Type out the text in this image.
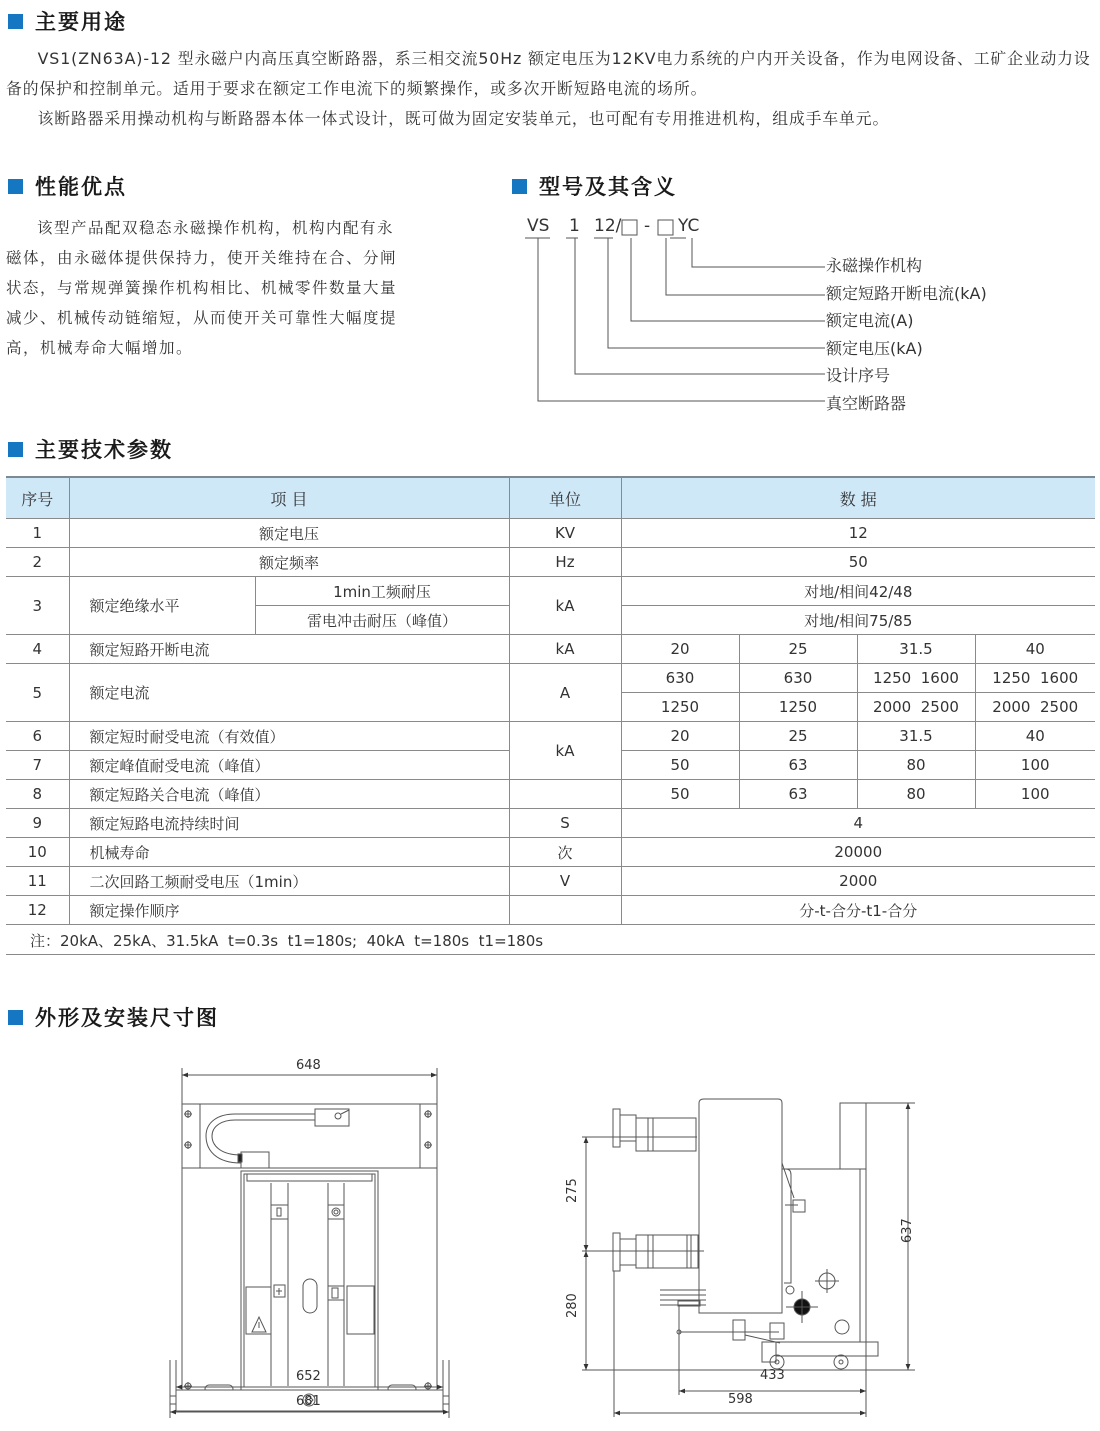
主要用途

VS1(ZN63A)-12 型永磁户内高压真空断路器，系三相交流50Hz 额定电压为12KV电力系统的户内开关设备，作为电网设备、工矿企业动力设备的保护和控制单元。适用于要求在额定工作电流下的频繁操作，或多次开断短路电流的场所。

该断路器采用操动机构与断路器本体一体式设计，既可做为固定安装单元，也可配有专用推进机构，组成手车单元。

性能优点

该型产品配双稳态永磁操作机构，机构内配有永磁体，由永磁体提供保持力，使开关维持在合、分闸状态，与常规弹簧操作机构相比、机械零件数量大量减少、机械传动链缩短，从而使开关可靠性大幅度提高，机械寿命大幅增加。

型号及其含义
VS 1 12/ - YC
永磁操作机构
额定短路开断电流(kA)
额定电流(A)
额定电压(kA)
设计序号
真空断路器
主要技术参数
序号	项 目		单位	数 据			
1	额定电压		KV	12			
2	额定频率		Hz	50			
3	额定绝缘水平	1min工频耐压	kA	对地/相间42/48			
		雷电冲击耐压（峰值）		对地/相间75/85			
4	额定短路开断电流		kA	20	25	31.5	40
5	额定电流		A	630	630	1250  1600	1250  1600
				1250	1250	2000  2500	2000  2500
6	额定短时耐受电流（有效值）		kA	20	25	31.5	40
7	额定峰值耐受电流（峰值）			50	63	80	100
8	额定短路关合电流（峰值）			50	63	80	100
9	额定短路电流持续时间		S	4			
10	机械寿命		次	20000			
11	二次回路工频耐受电压（1min）		V	2000			
12	额定操作顺序			分-t-合分-t1-合分			
注：20kA、25kA、31.5kA  t=0.3s  t1=180s;  40kA  t=180s  t1=180s
外形及安装尺寸图
648
652
681
275
280
637
433
598
